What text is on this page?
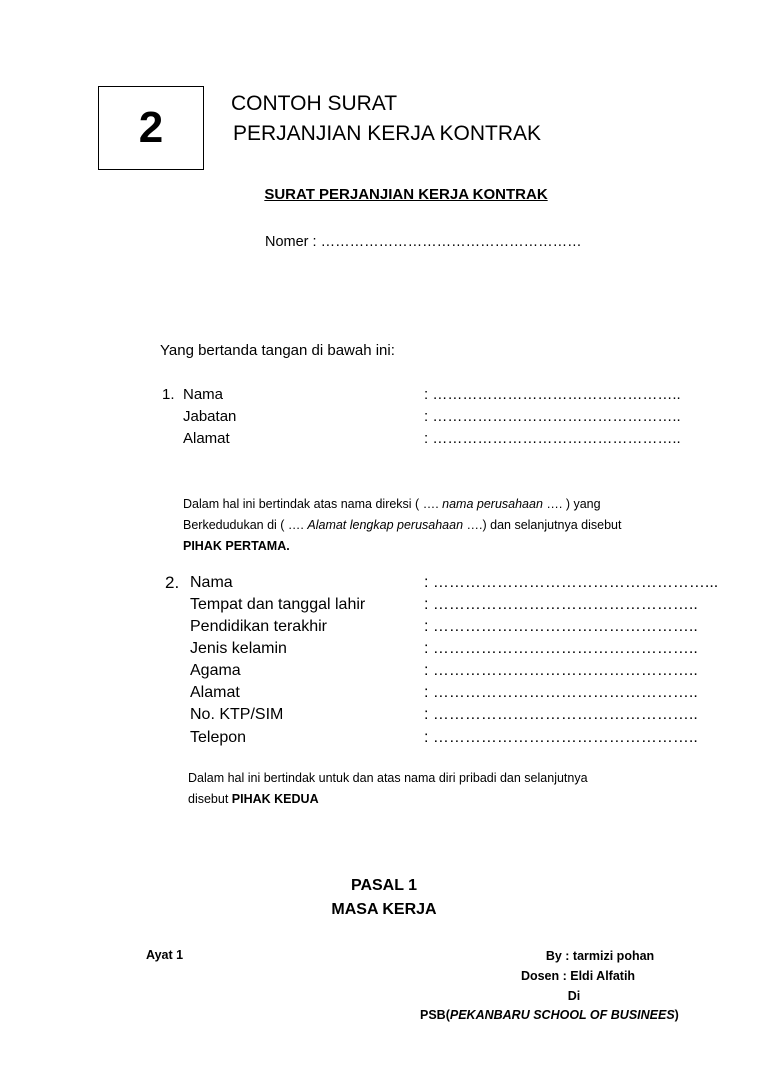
2	CONTOH SURAT
PERJANJIAN KERJA KONTRAK
SURAT PERJANJIAN KERJA KONTRAK
Nomer : ………………………………………………
Yang bertanda tangan di bawah ini:
1. Nama	: …………………………………………..
Jabatan	: …………………………………………..
Alamat	: …………………………………………..
Dalam hal ini bertindak atas nama direksi ( …. nama perusahaan …. ) yang
Berkedudukan di ( …. Alamat lengkap perusahaan ….) dan selanjutnya disebut
PIHAK PERTAMA.
2. Nama	: ……………………………………………...
Tempat dan tanggal lahir	: …………………………………………..
Pendidikan terakhir	: …………………………………………..
Jenis kelamin	: …………………………………………..
Agama	: …………………………………………..
Alamat	: …………………………………………..
No. KTP/SIM	: …………………………………………..
Telepon	: …………………………………………..
Dalam hal ini bertindak untuk dan atas nama diri pribadi dan selanjutnya
disebut PIHAK KEDUA
PASAL 1
MASA KERJA
Ayat 1	By : tarmizi pohan
Dosen : Eldi Alfatih
Di
PSB(PEKANBARU SCHOOL OF BUSINEES)
